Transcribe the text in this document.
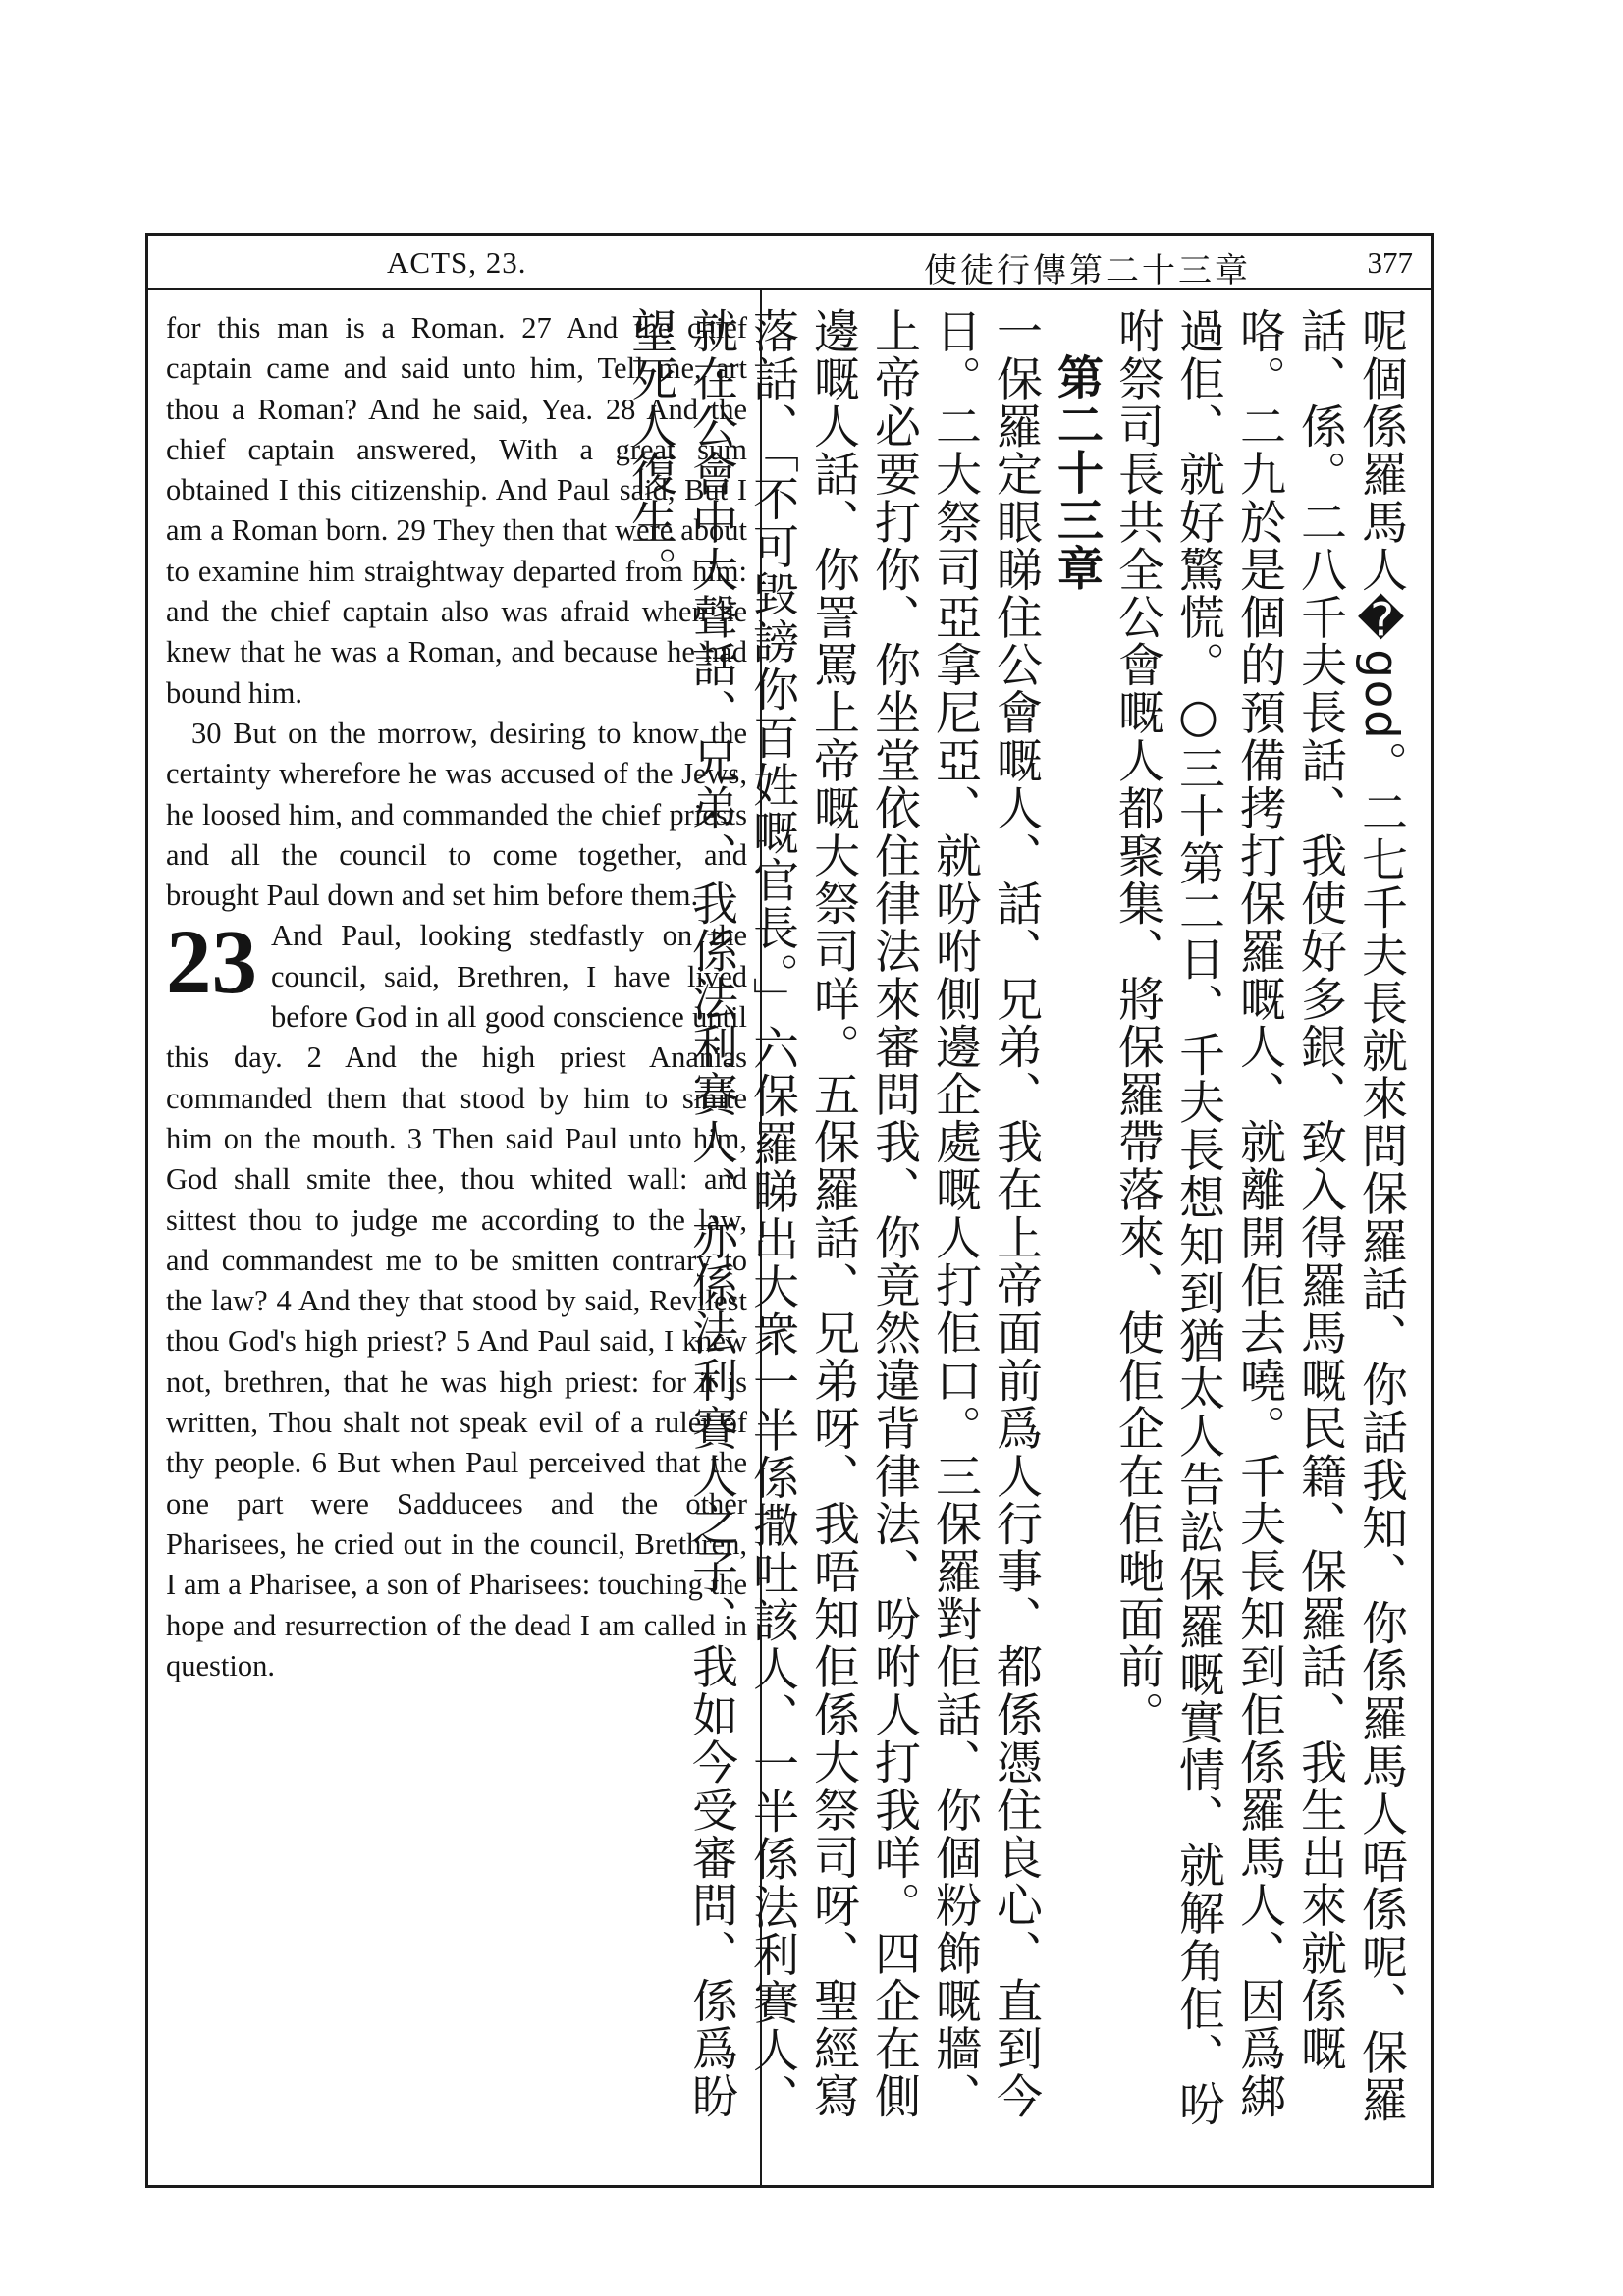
ACTS, 23.	使徒行傳第二十三章	377

for this man is a Roman. 27 And the chief captain came and said unto him, Tell me, art thou a Roman? And he said, Yea. 28 And the chief captain answered, With a great sum obtained I this citizenship. And Paul said, But I am a Roman born. 29 They then that were about to examine him straightway departed from him: and the chief captain also was afraid when he knew that he was a Roman, and because he had bound him.

30 But on the morrow, desiring to know the certainty wherefore he was accused of the Jews, he loosed him, and commanded the chief priests and all the council to come together, and brought Paul down and set him before them.

23 And Paul, looking stedfastly on the council, said, Brethren, I have lived before God in all good conscience until this day. 2 And the high priest Ananias commanded them that stood by him to smite him on the mouth. 3 Then said Paul unto him, God shall smite thee, thou whited wall: and sittest thou to judge me according to the law, and commandest me to be smitten contrary to the law? 4 And they that stood by said, Revilest thou God's high priest? 5 And Paul said, I knew not, brethren, that he was high priest: for it is written, Thou shalt not speak evil of a ruler of thy people. 6 But when Paul perceived that the one part were Sadducees and the other Pharisees, he cried out in the council, Brethren, I am a Pharisee, a son of Pharisees: touching the hope and resurrection of the dead I am called in question.	呢個係羅馬人�god。二七千夫長就來問保羅話、你話我知、你係羅馬人唔係呢、保羅話、係。二八千夫長話、我使好多銀、致入得羅馬嘅民籍、保羅話、我生出來就係嘅咯。二九於是個的預備拷打保羅嘅人、就離開佢去嘵。千夫長知到佢係羅馬人、因爲綁過佢、就好驚慌。○三十第二日、千夫長想知到猶太人告訟保羅嘅實情、就解角佢、吩咐祭司長共全公會嘅人都聚集、將保羅帶落來、使佢企在佢哋面前。

第二十三章

一保羅定眼睇住公會嘅人、話、兄弟、我在上帝面前爲人行事、都係憑住良心、直到今日。二大祭司亞拿尼亞、就吩咐側邊企處嘅人打佢口。三保羅對佢話、你個粉飾嘅牆、上帝必要打你、你坐堂依住律法來審問我、你竟然違背律法、吩咐人打我咩。四企在側邊嘅人話、你詈罵上帝嘅大祭司咩。五保羅話、兄弟呀、我唔知佢係大祭司呀、聖經寫落話、「不可毀謗你百姓嘅官長。」六保羅睇出大衆一半係撒吐該人、一半係法利賽人、就在公會中大聲話、兄弟、我係法利賽人、亦係法利賽人之子、我如今受審問、係爲盼望死人復生。
